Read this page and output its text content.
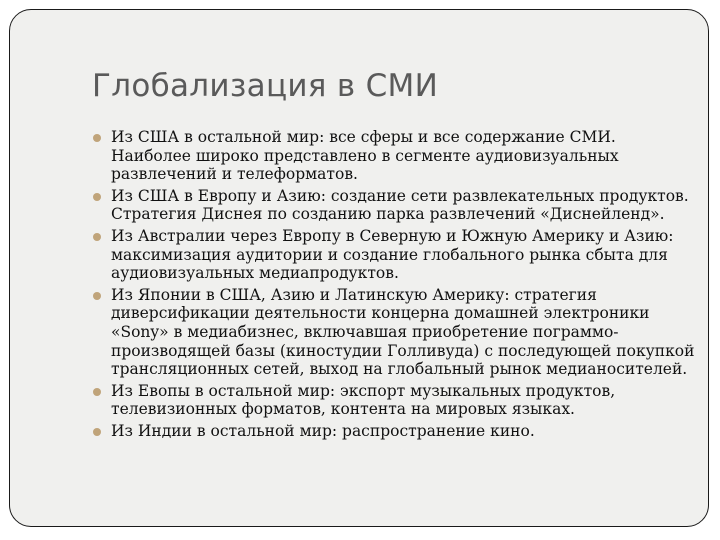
Глобализация в СМИ
Из США в остальной мир: все сферы и все содержание СМИ. Наиболее широко представлено в сегменте аудиовизуальных развлечений и телеформатов.
Из США в Европу и Азию: создание сети развлекательных продуктов. Стратегия Диснея по созданию парка развлечений «Диснейленд».
Из Австралии через Европу в Северную и Южную Америку и Азию: максимизация аудитории и создание глобального рынка сбыта для аудиовизуальных медиапродуктов.
Из Японии в США, Азию и Латинскую Америку: стратегия диверсификации деятельности концерна домашней электроники «Sony» в медиабизнес, включавшая приобретение пограммо-производящей базы (киностудии Голливуда) с последующей покупкой трансляционных сетей, выход на глобальный рынок медианосителей.
Из Евопы в остальной мир: экспорт музыкальных продуктов, телевизионных форматов, контента на мировых языках.
Из Индии в остальной мир: распространение кино.
